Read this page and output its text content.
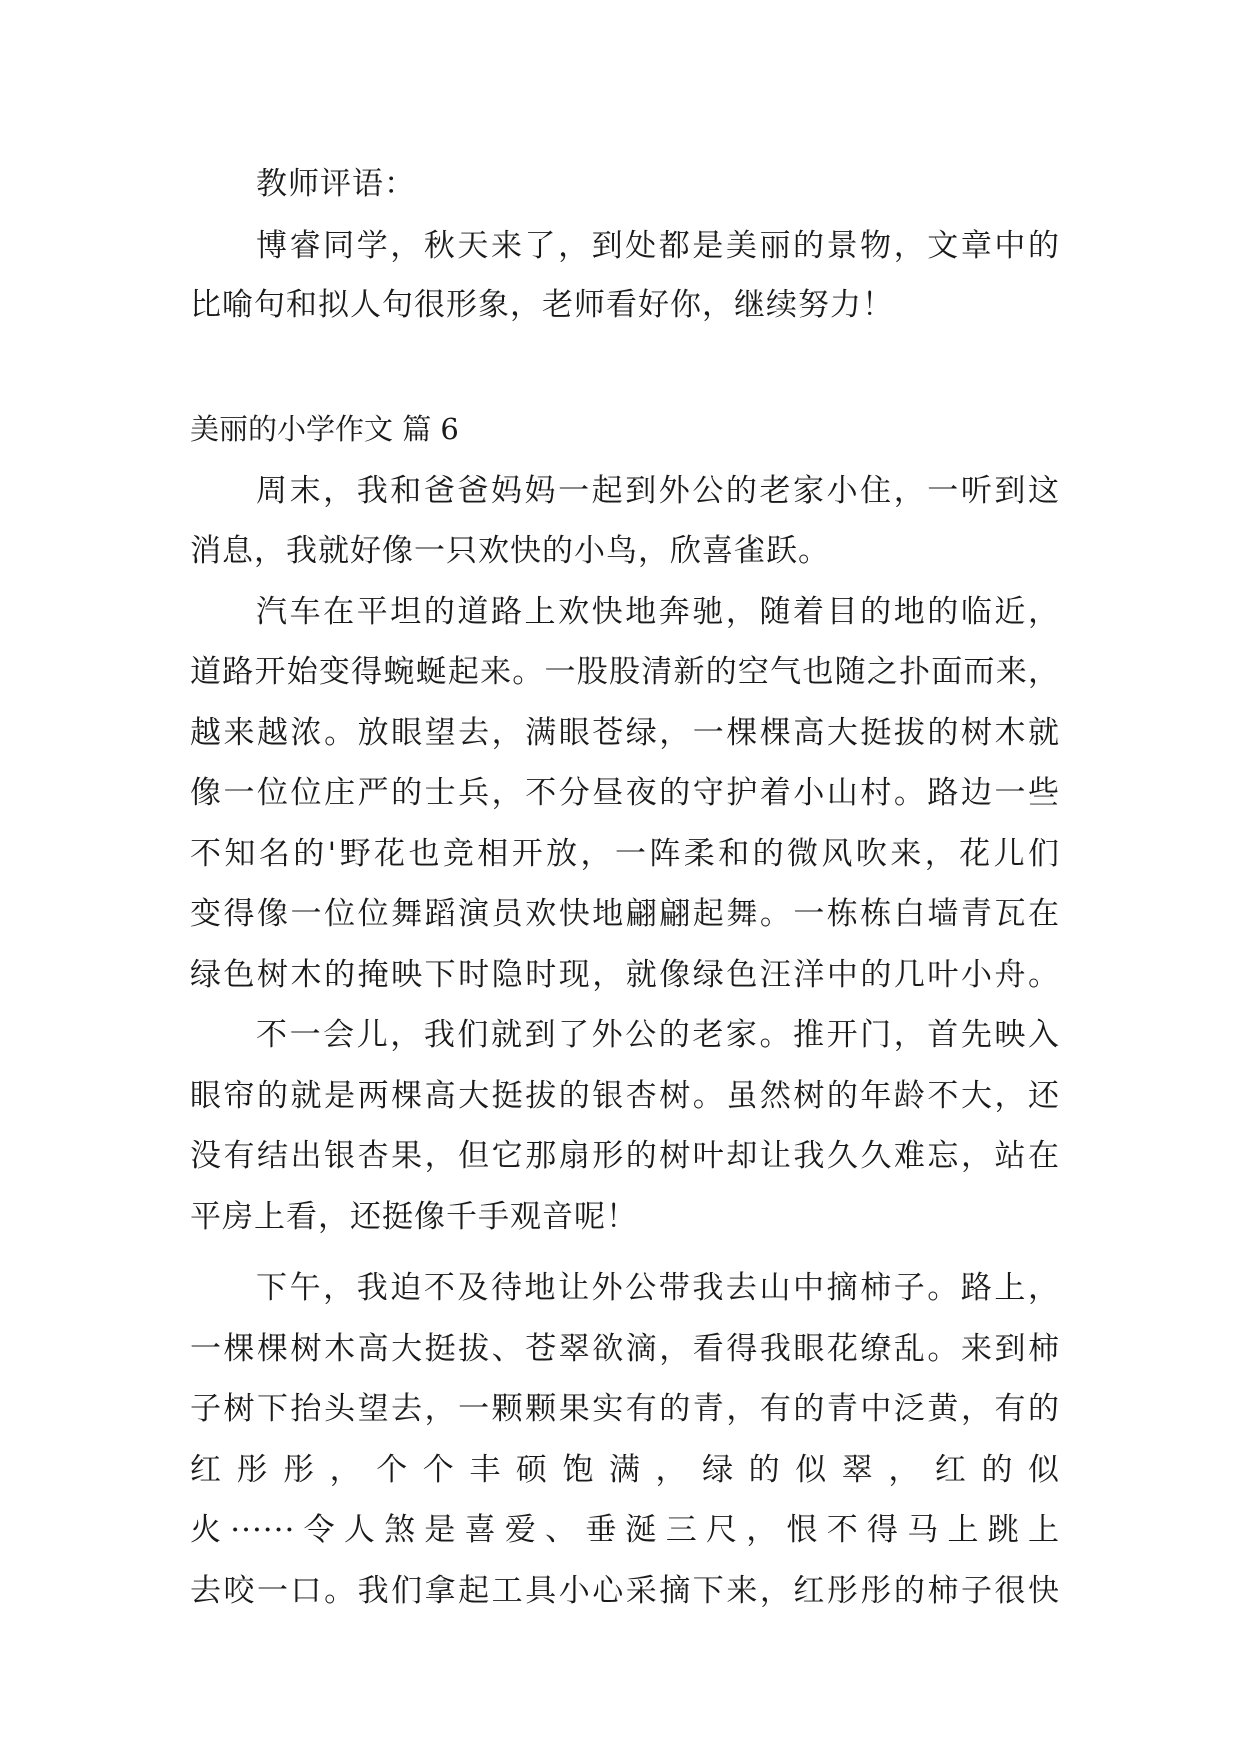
教师评语：
博睿同学，秋天来了，到处都是美丽的景物，文章中的
比喻句和拟人句很形象，老师看好你，继续努力！
美丽的小学作文 篇 6
周末，我和爸爸妈妈一起到外公的老家小住，一听到这
消息，我就好像一只欢快的小鸟，欣喜雀跃。
汽车在平坦的道路上欢快地奔驰，随着目的地的临近，
道路开始变得蜿蜒起来。一股股清新的空气也随之扑面而来，
越来越浓。放眼望去，满眼苍绿，一棵棵高大挺拔的树木就
像一位位庄严的士兵，不分昼夜的守护着小山村。路边一些
不知名的'野花也竞相开放，一阵柔和的微风吹来，花儿们
变得像一位位舞蹈演员欢快地翩翩起舞。一栋栋白墙青瓦在
绿色树木的掩映下时隐时现，就像绿色汪洋中的几叶小舟。
不一会儿，我们就到了外公的老家。推开门，首先映入
眼帘的就是两棵高大挺拔的银杏树。虽然树的年龄不大，还
没有结出银杏果，但它那扇形的树叶却让我久久难忘，站在
平房上看，还挺像千手观音呢！
下午，我迫不及待地让外公带我去山中摘柿子。路上，
一棵棵树木高大挺拔、苍翠欲滴，看得我眼花缭乱。来到柿
子树下抬头望去，一颗颗果实有的青，有的青中泛黄，有的
红彤彤，个个丰硕饱满，绿的似翠，红的似
火······令人煞是喜爱、垂涎三尺，恨不得马上跳上
去咬一口。我们拿起工具小心采摘下来，红彤彤的柿子很快
